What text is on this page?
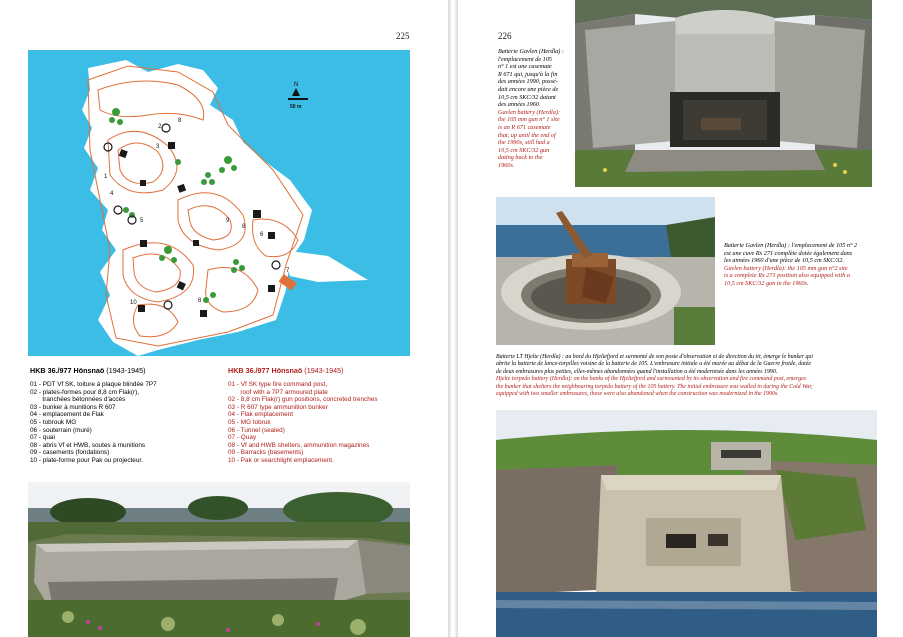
225
1
2
3
4
5
6
7
8
9
10
8
8
N
50 m
HKB 36./977 Hönsnaö (1943-1945)
01 - PDT Vf SK, toiture à plaque blindée 7P7
02 - plates-formes pour 8,8 cm Flak(r),
tranchées bétonnées d'accès
03 - bunker à munitions R 607
04 - emplacement de Flak
05 - tobrouk MG
06 - souterrain (muré)
07 - quai
08 - abris Vf et HWB, soutes à munitions
09 - casements (fondations)
10 - plate-forme pour Pak ou projecteur.
HKB 36./977 Hönsnaö (1943-1945)
01 - Vf SK type fire command post,
roof with a 7P7 armoured plate
02 - 8,8 cm Flak(r) gun positions, concreted trenches
03 - R 607 type ammunition bunker
04 - Flak emplacement
05 - MG tobruk
06 - Tunnel (sealed)
07 - Quay
08 - Vf and HWB shelters, ammunition magazines
09 - Barracks (basements)
10 - Pak or searchlight emplacement.
226
Batterie Gavlen (Herdla) :
l'emplacement de 105
n° 1 est une casemate
R 671 qui, jusqu'à la fin
des années 1990, possé-
dait encore une pièce de
10,5 cm SKC/32 datant
des années 1960.
Gavlen battery (Herdla):
the 105 mm gun n° 1 site
is an R 671 casemate
that, up until the end of
the 1990s, still had a
10,5 cm SKC/32 gun
dating back to the
1960s.
Batterie Gavlen (Herdla) : l'emplacement de 105 n° 2
est une cuve Rx 271 complète dotée également dans
les années 1960 d'une pièce de 10,5 cm SKC/32.
Gavlen battery (Herdla): the 105 mm gun n°2 site
is a complete Rx 271 position also equipped with a
10,5 cm SKC/32 gun in the 1960s.
Batterie LT Hjelte (Herdla) : au bord du Hjeltefjord et surmonté de son poste d'observation et de direction du tir, émerge le bunker qui
abrite la batterie de lance-torpilles voisine de la batterie de 105. L'embrasure initiale a été murée au début de la Guerre froide, dotée
de deux embrasures plus petites, elles-mêmes abandonnées quand l'installation a été modernisée dans les années 1990.
Hjelte torpedo battery (Herdla): on the banks of the Hjeltefjord and surmounted by its observation and fire command post, emerges
the bunker that shelters the neighbouring torpedo battery of the 105 battery. The initial embrasure was walled in during the Cold War,
equipped with two smaller embrasures, these were also abandoned when the construction was modernized in the 1990s.
